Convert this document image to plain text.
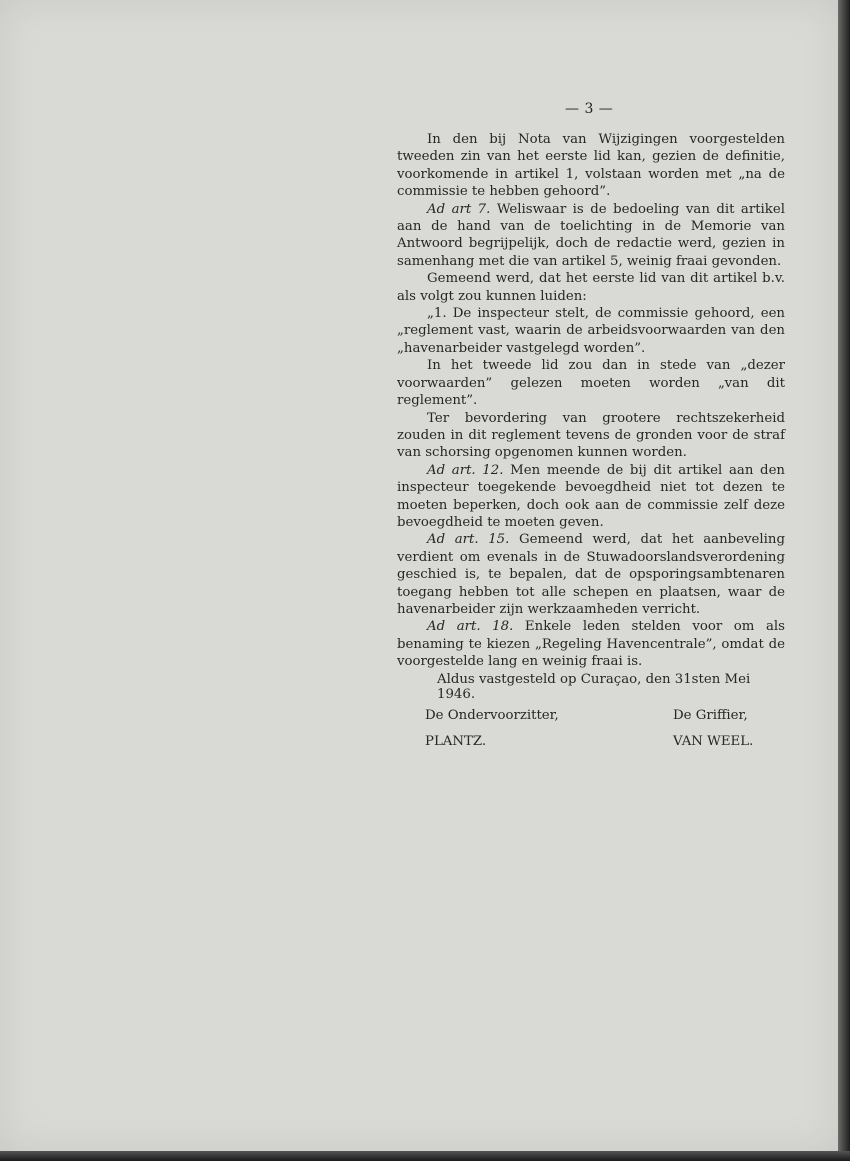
— 3 —

In den bij Nota van Wijzigingen voorgestelden tweeden zin van het eerste lid kan, gezien de definitie, voorkomende in artikel 1, volstaan worden met „na de commissie te hebben gehoord”.

Ad art 7. Weliswaar is de bedoeling van dit artikel aan de hand van de toelichting in de Memorie van Antwoord begrijpelijk, doch de redactie werd, gezien in samenhang met die van artikel 5, weinig fraai gevonden.

Gemeend werd, dat het eerste lid van dit artikel b.v. als volgt zou kunnen luiden:

„1. De inspecteur stelt, de commissie gehoord, een „reglement vast, waarin de arbeidsvoorwaarden van den „havenarbeider vastgelegd worden”.

In het tweede lid zou dan in stede van „dezer voorwaarden” gelezen moeten worden „van dit reglement”.

Ter bevordering van grootere rechtszekerheid zouden in dit reglement tevens de gronden voor de straf van schorsing opgenomen kunnen worden.

Ad art. 12. Men meende de bij dit artikel aan den inspecteur toegekende bevoegdheid niet tot dezen te moeten beperken, doch ook aan de commissie zelf deze bevoegdheid te moeten geven.

Ad art. 15. Gemeend werd, dat het aanbeveling verdient om evenals in de Stuwadoorslandsverordening geschied is, te bepalen, dat de opsporingsambtenaren toegang hebben tot alle schepen en plaatsen, waar de havenarbeider zijn werkzaamheden verricht.

Ad art. 18. Enkele leden stelden voor om als benaming te kiezen „Regeling Havencentrale”, omdat de voorgestelde lang en weinig fraai is.

Aldus vastgesteld op Curaçao, den 31sten Mei 1946.
De Ondervoorzitter,
PLANTZ.
De Griffier,
VAN WEEL.
